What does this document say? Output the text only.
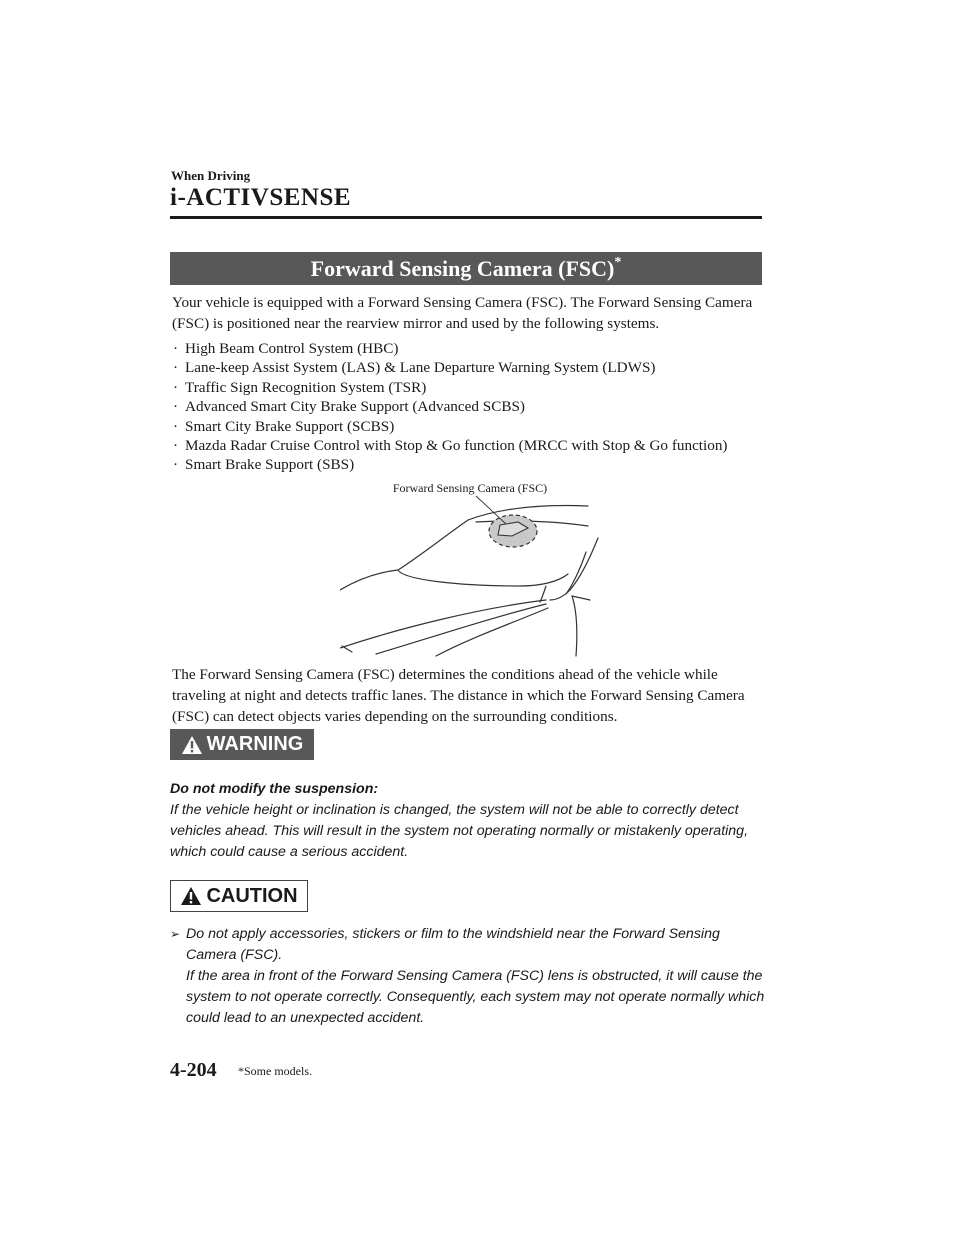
When Driving
i-ACTIVSENSE
Forward Sensing Camera (FSC)*
Your vehicle is equipped with a Forward Sensing Camera (FSC). The Forward Sensing Camera (FSC) is positioned near the rearview mirror and used by the following systems.
· High Beam Control System (HBC)
· Lane-keep Assist System (LAS) & Lane Departure Warning System (LDWS)
· Traffic Sign Recognition System (TSR)
· Advanced Smart City Brake Support (Advanced SCBS)
· Smart City Brake Support (SCBS)
· Mazda Radar Cruise Control with Stop & Go function (MRCC with Stop & Go function)
· Smart Brake Support (SBS)
Forward Sensing Camera (FSC)
The Forward Sensing Camera (FSC) determines the conditions ahead of the vehicle while traveling at night and detects traffic lanes. The distance in which the Forward Sensing Camera (FSC) can detect objects varies depending on the surrounding conditions.
WARNING
Do not modify the suspension:
If the vehicle height or inclination is changed, the system will not be able to correctly detect vehicles ahead. This will result in the system not operating normally or mistakenly operating, which could cause a serious accident.
CAUTION
➢ Do not apply accessories, stickers or film to the windshield near the Forward Sensing Camera (FSC).
If the area in front of the Forward Sensing Camera (FSC) lens is obstructed, it will cause the system to not operate correctly. Consequently, each system may not operate normally which could lead to an unexpected accident.
4-204 *Some models.
